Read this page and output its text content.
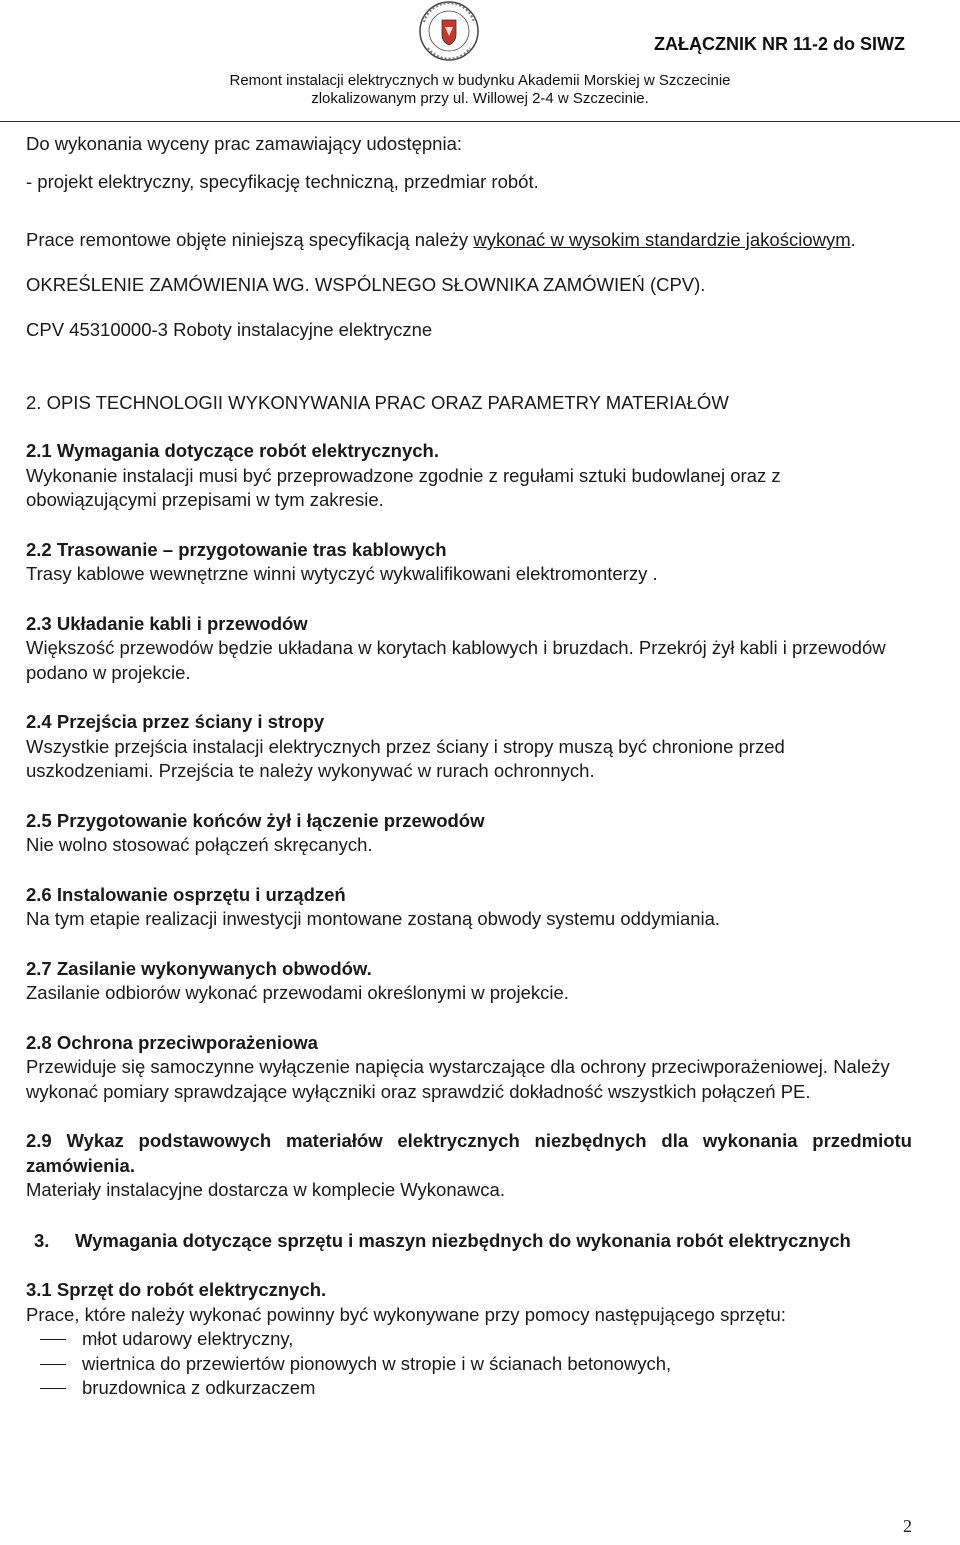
ZAŁĄCZNIK NR 11-2 do SIWZ
Remont instalacji elektrycznych w budynku Akademii Morskiej w Szczecinie
zlokalizowanym przy ul. Willowej 2-4 w Szczecinie.

Do wykonania wyceny prac zamawiający udostępnia:

- projekt elektryczny, specyfikację techniczną, przedmiar robót.

Prace remontowe objęte niniejszą specyfikacją należy wykonać w wysokim standardzie jakościowym.

OKREŚLENIE ZAMÓWIENIA WG. WSPÓLNEGO SŁOWNIKA ZAMÓWIEŃ (CPV).

CPV 45310000-3 Roboty instalacyjne elektryczne

2. OPIS TECHNOLOGII WYKONYWANIA PRAC ORAZ PARAMETRY MATERIAŁÓW

2.1 Wymagania dotyczące robót elektrycznych.

Wykonanie instalacji musi być przeprowadzone zgodnie z regułami sztuki budowlanej oraz z obowiązującymi przepisami w tym zakresie.

2.2 Trasowanie – przygotowanie tras kablowych

Trasy kablowe wewnętrzne winni wytyczyć wykwalifikowani elektromonterzy .

2.3 Układanie kabli i przewodów

Większość przewodów będzie układana w korytach kablowych i bruzdach. Przekrój żył kabli i przewodów podano w projekcie.

2.4 Przejścia przez ściany i stropy

Wszystkie przejścia instalacji elektrycznych przez ściany i stropy muszą być chronione przed uszkodzeniami. Przejścia te należy wykonywać w rurach ochronnych.

2.5 Przygotowanie końców żył i łączenie przewodów

Nie wolno stosować połączeń skręcanych.

2.6 Instalowanie osprzętu i urządzeń

Na tym etapie realizacji inwestycji montowane zostaną obwody systemu oddymiania.

2.7 Zasilanie wykonywanych obwodów.

Zasilanie odbiorów wykonać przewodami określonymi w projekcie.

2.8 Ochrona przeciwporażeniowa

Przewiduje się samoczynne wyłączenie napięcia wystarczające dla ochrony przeciwporażeniowej. Należy wykonać pomiary sprawdzające wyłączniki oraz sprawdzić dokładność wszystkich połączeń PE.

2.9 Wykaz podstawowych materiałów elektrycznych niezbędnych dla wykonania przedmiotu zamówienia.

Materiały instalacyjne dostarcza w komplecie Wykonawca.

3.	Wymagania dotyczące sprzętu i maszyn niezbędnych do wykonania robót elektrycznych

3.1 Sprzęt do robót elektrycznych.

Prace, które należy wykonać powinny być wykonywane przy pomocy następującego sprzętu:

młot udarowy elektryczny,
wiertnica do przewiertów pionowych w stropie i w ścianach betonowych,
bruzdownica z odkurzaczem
2
